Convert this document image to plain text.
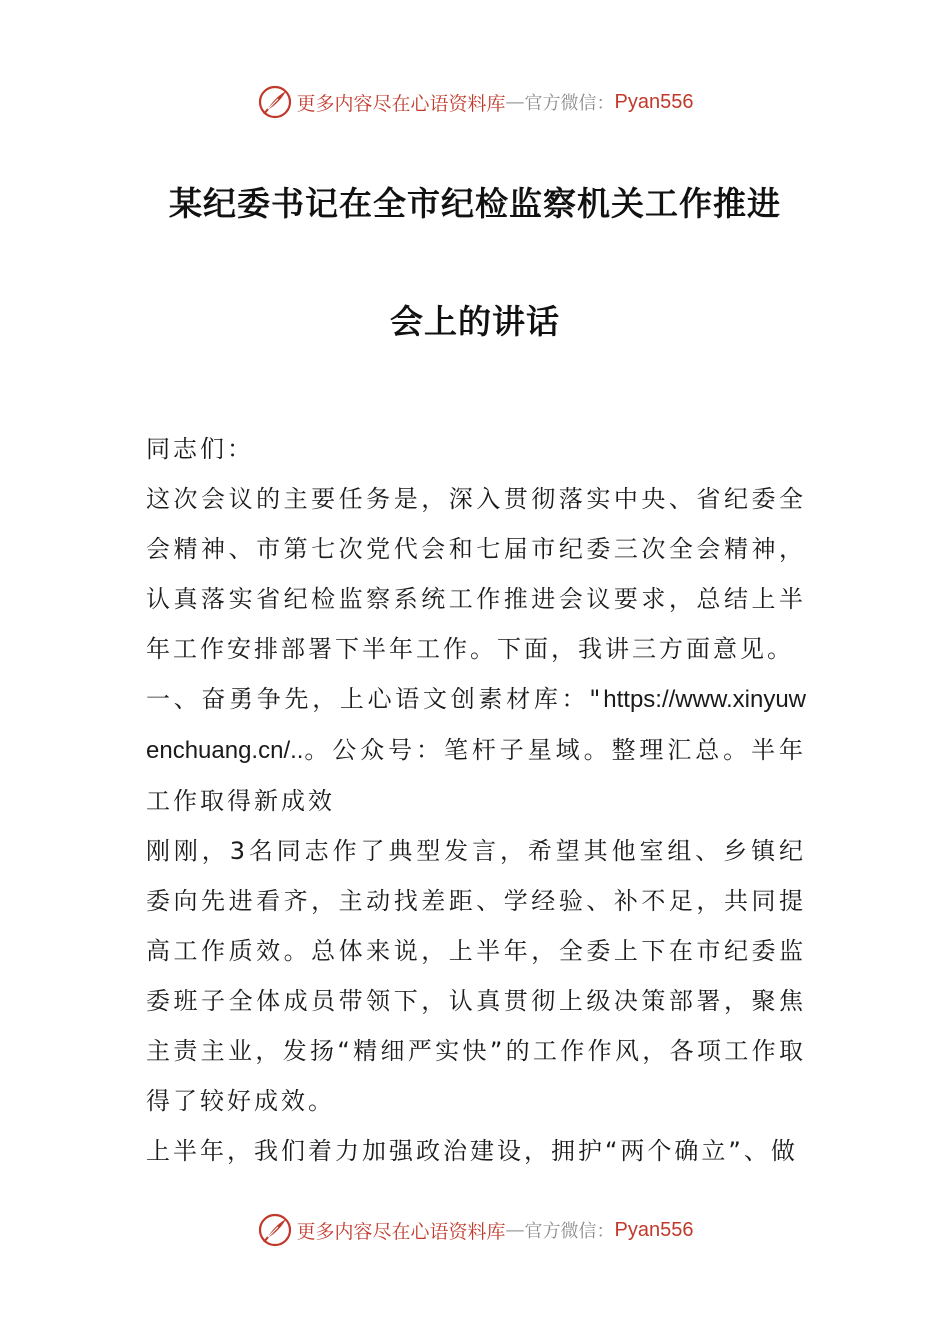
更多内容尽在心语资料库 — 官方微信： Pyan556
某纪委书记在全市纪检监察机关工作推进
会上的讲话

同志们：

这次会议的主要任务是，深入贯彻落实中央、省纪委全会精神、市第七次党代会和七届市纪委三次全会精神，认真落实省纪检监察系统工作推进会议要求，总结上半年工作安排部署下半年工作。下面，我讲三方面意见。

一、奋勇争先，上心语文创素材库："https://www.xinyuwenchuang.cn/..。公众号：笔杆子星域。整理汇总。半年工作取得新成效

刚刚，3名同志作了典型发言，希望其他室组、乡镇纪委向先进看齐，主动找差距、学经验、补不足，共同提高工作质效。总体来说，上半年，全委上下在市纪委监委班子全体成员带领下，认真贯彻上级决策部署，聚焦主责主业，发扬“精细严实快”的工作作风，各项工作取得了较好成效。

上半年，我们着力加强政治建设，拥护“两个确立”、做

更多内容尽在心语资料库 — 官方微信： Pyan556
